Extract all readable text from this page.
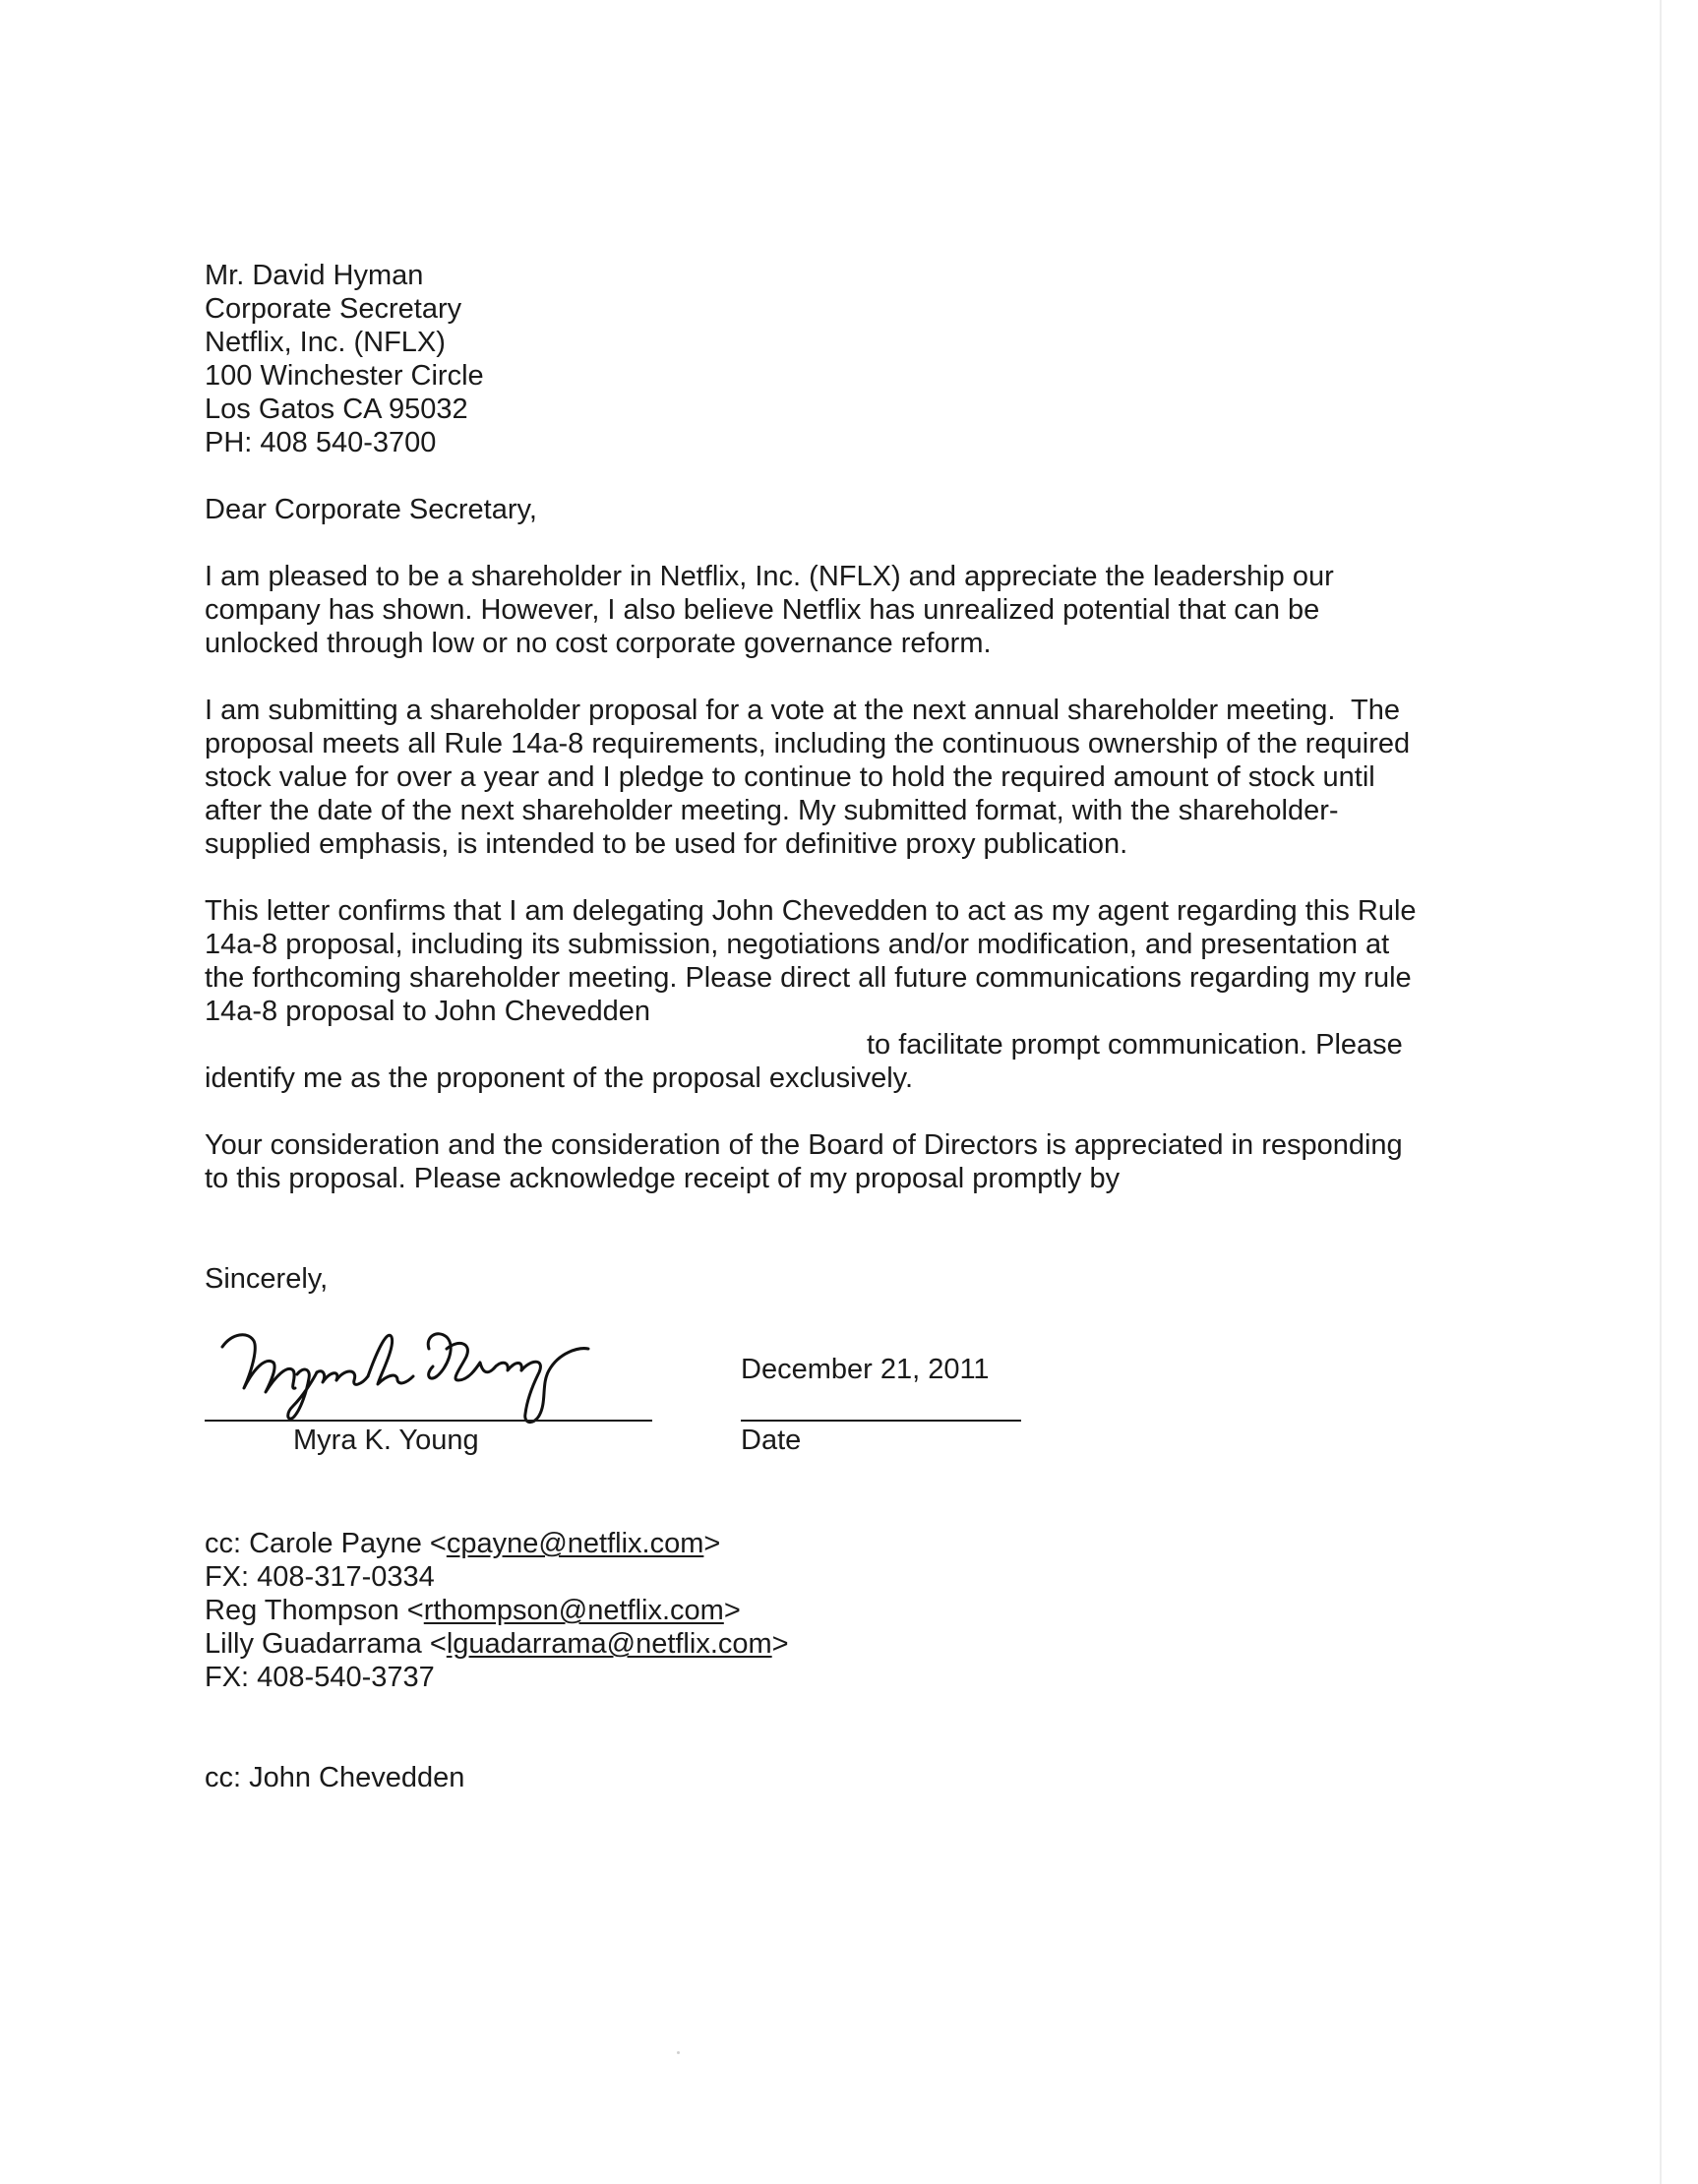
Mr. David Hyman
Corporate Secretary
Netflix, Inc. (NFLX)
100 Winchester Circle
Los Gatos CA 95032
PH: 408 540-3700
Dear Corporate Secretary,
I am pleased to be a shareholder in Netflix, Inc. (NFLX) and appreciate the leadership our
company has shown. However, I also believe Netflix has unrealized potential that can be
unlocked through low or no cost corporate governance reform.
I am submitting a shareholder proposal for a vote at the next annual shareholder meeting.  The
proposal meets all Rule 14a-8 requirements, including the continuous ownership of the required
stock value for over a year and I pledge to continue to hold the required amount of stock until
after the date of the next shareholder meeting. My submitted format, with the shareholder-
supplied emphasis, is intended to be used for definitive proxy publication.
This letter confirms that I am delegating John Chevedden to act as my agent regarding this Rule
14a-8 proposal, including its submission, negotiations and/or modification, and presentation at
the forthcoming shareholder meeting. Please direct all future communications regarding my rule
14a-8 proposal to John Chevedden
to facilitate prompt communication. Please
identify me as the proponent of the proposal exclusively.
Your consideration and the consideration of the Board of Directors is appreciated in responding
to this proposal. Please acknowledge receipt of my proposal promptly by
Sincerely,
Myra K. Young
December 21, 2011
Date
cc: Carole Payne <cpayne@netflix.com>
FX: 408-317-0334
Reg Thompson <rthompson@netflix.com>
Lilly Guadarrama <lguadarrama@netflix.com>
FX: 408-540-3737
cc: John Chevedden
